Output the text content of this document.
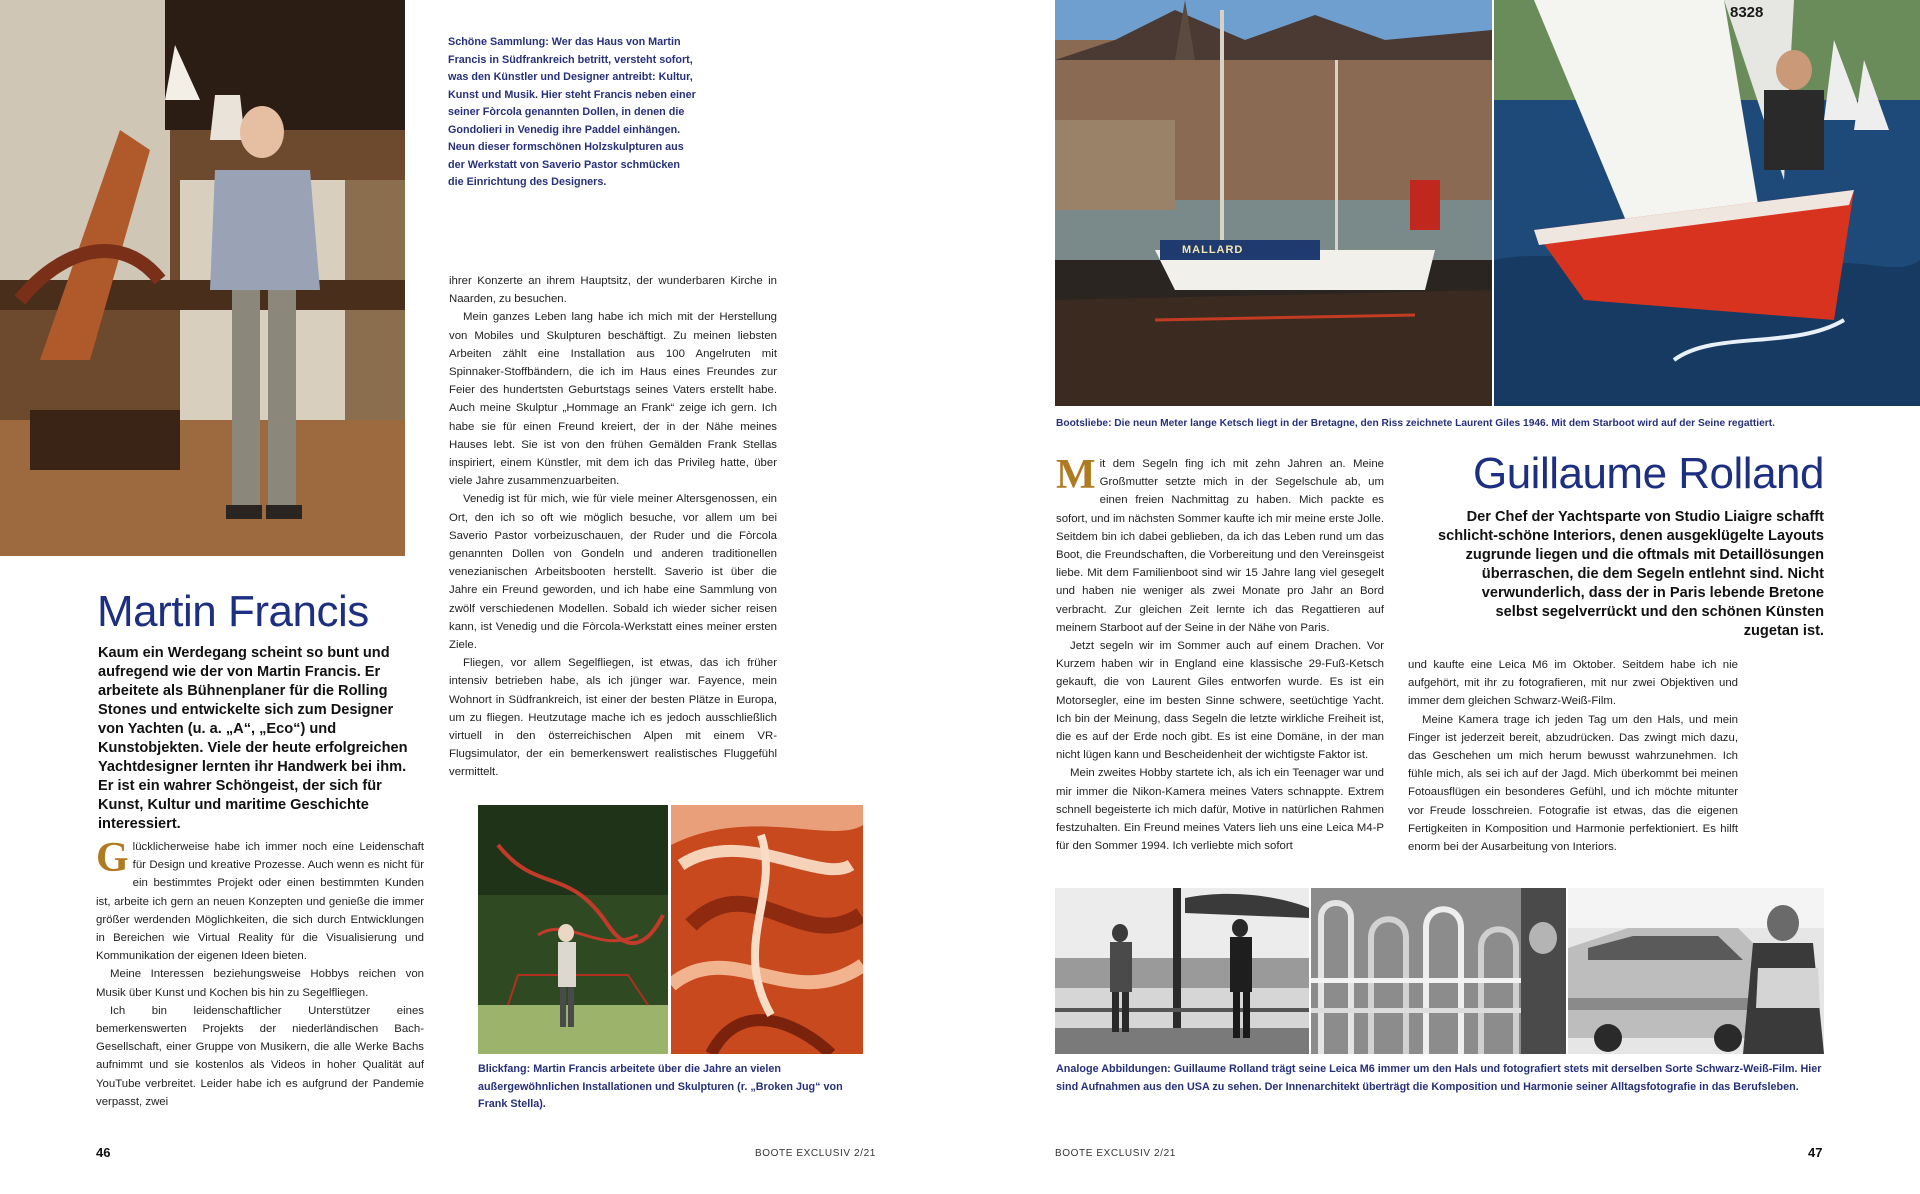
Schöne Sammlung: Wer das Haus von Martin Francis in Südfrankreich betritt, versteht sofort, was den Künstler und Designer antreibt: Kultur, Kunst und Musik. Hier steht Francis neben einer seiner Fòrcola genannten Dollen, in denen die Gondolieri in Venedig ihre Paddel einhängen. Neun dieser formschönen Holzskulpturen aus der Werkstatt von Saverio Pastor schmücken die Einrichtung des Designers.
Martin Francis
Kaum ein Werdegang scheint so bunt und aufregend wie der von Martin Francis. Er arbeitete als Bühnenplaner für die Rolling Stones und entwickelte sich zum Designer von Yachten (u. a. „A“, „Eco“) und Kunstobjekten. Viele der heute erfolgreichen Yachtdesigner lernten ihr Handwerk bei ihm. Er ist ein wahrer Schöngeist, der sich für Kunst, Kultur und maritime Geschichte interessiert.

Glücklicherweise habe ich immer noch eine Leidenschaft für Design und kreative Prozesse. Auch wenn es nicht für ein bestimmtes Projekt oder einen bestimmten Kunden ist, arbeite ich gern an neuen Konzepten und genieße die immer größer werdenden Möglichkeiten, die sich durch Entwicklungen in Bereichen wie Virtual Reality für die Visualisierung und Kommunikation der eigenen Ideen bieten.

Meine Interessen beziehungsweise Hobbys reichen von Musik über Kunst und Kochen bis hin zu Segelfliegen.

Ich bin leidenschaftlicher Unterstützer eines bemerkenswerten Projekts der niederländischen Bach-Gesellschaft, einer Gruppe von Musikern, die alle Werke Bachs aufnimmt und sie kostenlos als Videos in hoher Qualität auf YouTube verbreitet. Leider habe ich es aufgrund der Pandemie verpasst, zwei

ihrer Konzerte an ihrem Hauptsitz, der wunderbaren Kirche in Naarden, zu besuchen.

Mein ganzes Leben lang habe ich mich mit der Herstellung von Mobiles und Skulpturen beschäftigt. Zu meinen liebsten Arbeiten zählt eine Installation aus 100 Angelruten mit Spinnaker-Stoffbändern, die ich im Haus eines Freundes zur Feier des hundertsten Geburtstags seines Vaters erstellt habe. Auch meine Skulptur „Hommage an Frank“ zeige ich gern. Ich habe sie für einen Freund kreiert, der in der Nähe meines Hauses lebt. Sie ist von den frühen Gemälden Frank Stellas inspiriert, einem Künstler, mit dem ich das Privileg hatte, über viele Jahre zusammenzuarbeiten.

Venedig ist für mich, wie für viele meiner Altersgenossen, ein Ort, den ich so oft wie möglich besuche, vor allem um bei Saverio Pastor vorbeizuschauen, der Ruder und die Fòrcola genannten Dollen von Gondeln und anderen traditionellen venezianischen Arbeitsbooten herstellt. Saverio ist über die Jahre ein Freund geworden, und ich habe eine Sammlung von zwölf verschiedenen Modellen. Sobald ich wieder sicher reisen kann, ist Venedig und die Fòrcola-Werkstatt eines meiner ersten Ziele.

Fliegen, vor allem Segelfliegen, ist etwas, das ich früher intensiv betrieben habe, als ich jünger war. Fayence, mein Wohnort in Südfrankreich, ist einer der besten Plätze in Europa, um zu fliegen. Heutzutage mache ich es jedoch ausschließlich virtuell in den österreichischen Alpen mit einem VR-Flugsimulator, der ein bemerkenswert realistisches Fluggefühl vermittelt.

Blickfang: Martin Francis arbeitete über die Jahre an vielen außergewöhnlichen Installationen und Skulpturen (r. „Broken Jug“ von Frank Stella).
46	BOOTE EXCLUSIV 2/21
MALLARD
8328
Bootsliebe: Die neun Meter lange Ketsch liegt in der Bretagne, den Riss zeichnete Laurent Giles 1946. Mit dem Starboot wird auf der Seine regattiert.
Guillaume Rolland
Der Chef der Yachtsparte von Studio Liaigre schafft schlicht-schöne Interiors, denen ausgeklügelte Layouts zugrunde liegen und die oftmals mit Detaillösungen überraschen, die dem Segeln entlehnt sind. Nicht verwunderlich, dass der in Paris lebende Bretone selbst segelverrückt und den schönen Künsten zugetan ist.

Mit dem Segeln fing ich mit zehn Jahren an. Meine Großmutter setzte mich in der Segelschule ab, um einen freien Nachmittag zu haben. Mich packte es sofort, und im nächsten Sommer kaufte ich mir meine erste Jolle. Seitdem bin ich dabei geblieben, da ich das Leben rund um das Boot, die Freundschaften, die Vorbereitung und den Vereinsgeist liebe. Mit dem Familienboot sind wir 15 Jahre lang viel gesegelt und haben nie weniger als zwei Monate pro Jahr an Bord verbracht. Zur gleichen Zeit lernte ich das Regattieren auf meinem Starboot auf der Seine in der Nähe von Paris.

Jetzt segeln wir im Sommer auch auf einem Drachen. Vor Kurzem haben wir in England eine klassische 29-Fuß-Ketsch gekauft, die von Laurent Giles entworfen wurde. Es ist ein Motorsegler, eine im besten Sinne schwere, seetüchtige Yacht. Ich bin der Meinung, dass Segeln die letzte wirkliche Freiheit ist, die es auf der Erde noch gibt. Es ist eine Domäne, in der man nicht lügen kann und Bescheidenheit der wichtigste Faktor ist.

Mein zweites Hobby startete ich, als ich ein Teenager war und mir immer die Nikon-Kamera meines Vaters schnappte. Extrem schnell begeisterte ich mich dafür, Motive in natürlichen Rahmen festzuhalten. Ein Freund meines Vaters lieh uns eine Leica M4-P für den Sommer 1994. Ich verliebte mich sofort

und kaufte eine Leica M6 im Oktober. Seitdem habe ich nie aufgehört, mit ihr zu fotografieren, mit nur zwei Objektiven und immer dem gleichen Schwarz-Weiß-Film.

Meine Kamera trage ich jeden Tag um den Hals, und mein Finger ist jederzeit bereit, abzudrücken. Das zwingt mich dazu, das Geschehen um mich herum bewusst wahrzunehmen. Ich fühle mich, als sei ich auf der Jagd. Mich überkommt bei meinen Fotoausflügen ein besonderes Gefühl, und ich möchte mitunter vor Freude losschreien. Fotografie ist etwas, das die eigenen Fertigkeiten in Komposition und Harmonie perfektioniert. Es hilft enorm bei der Ausarbeitung von Interiors.

Analoge Abbildungen: Guillaume Rolland trägt seine Leica M6 immer um den Hals und fotografiert stets mit derselben Sorte Schwarz-Weiß-Film. Hier sind Aufnahmen aus den USA zu sehen. Der Innenarchitekt überträgt die Komposition und Harmonie seiner Alltagsfotografie in das Berufsleben.
BOOTE EXCLUSIV 2/21	47
